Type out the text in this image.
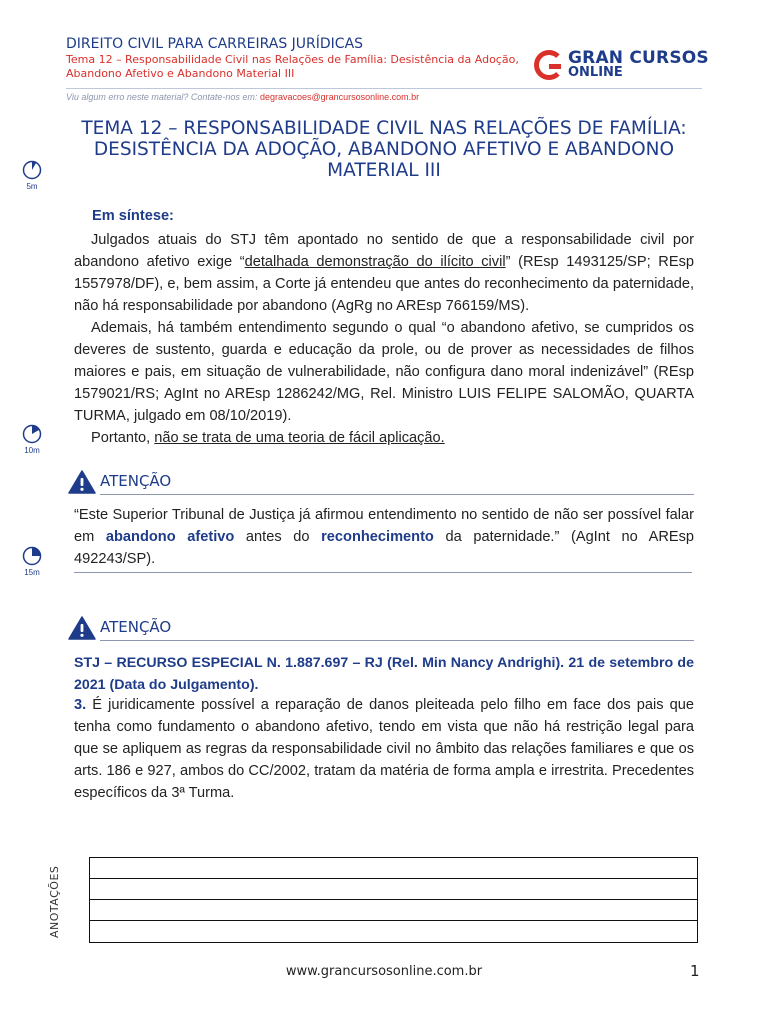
DIREITO CIVIL PARA CARREIRAS JURÍDICAS
Tema 12 – Responsabilidade Civil nas Relações de Família: Desistência da Adoção,
Abandono Afetivo e Abandono Material III
GRAN CURSOS
ONLINE
Viu algum erro neste material? Contate-nos em: degravacoes@grancursosonline.com.br
TEMA 12 – RESPONSABILIDADE CIVIL NAS RELAÇÕES DE FAMÍLIA:
DESISTÊNCIA DA ADOÇÃO, ABANDONO AFETIVO E ABANDONO
MATERIAL III
5m
10m
15m
Em síntese:

Julgados atuais do STJ têm apontado no sentido de que a responsabilidade civil por abandono afetivo exige “detalhada demonstração do ilícito civil” (REsp 1493125/SP; REsp 1557978/DF), e, bem assim, a Corte já entendeu que antes do reconhecimento da paternidade, não há responsabilidade por abandono (AgRg no AREsp 766159/MS).

Ademais, há também entendimento segundo o qual “o abandono afetivo, se cumpridos os deveres de sustento, guarda e educação da prole, ou de prover as necessidades de filhos maiores e pais, em situação de vulnerabilidade, não configura dano moral indenizável” (REsp 1579021/RS; AgInt no AREsp 1286242/MG, Rel. Ministro LUIS FELIPE SALOMÃO, QUARTA TURMA, julgado em 08/10/2019).

Portanto, não se trata de uma teoria de fácil aplicação.

ATENÇÃO
“Este Superior Tribunal de Justiça já afirmou entendimento no sentido de não ser possível falar em abandono afetivo antes do reconhecimento da paternidade.” (AgInt no AREsp 492243/SP).
ATENÇÃO
STJ – RECURSO ESPECIAL N. 1.887.697 – RJ (Rel. Min Nancy Andrighi). 21 de setembro de 2021 (Data do Julgamento).
3. É juridicamente possível a reparação de danos pleiteada pelo filho em face dos pais que tenha como fundamento o abandono afetivo, tendo em vista que não há restrição legal para que se apliquem as regras da responsabilidade civil no âmbito das relações familiares e que os arts. 186 e 927, ambos do CC/2002, tratam da matéria de forma ampla e irrestrita. Precedentes específicos da 3ª Turma.
ANOTAÇÕES
www.grancursosonline.com.br	1
